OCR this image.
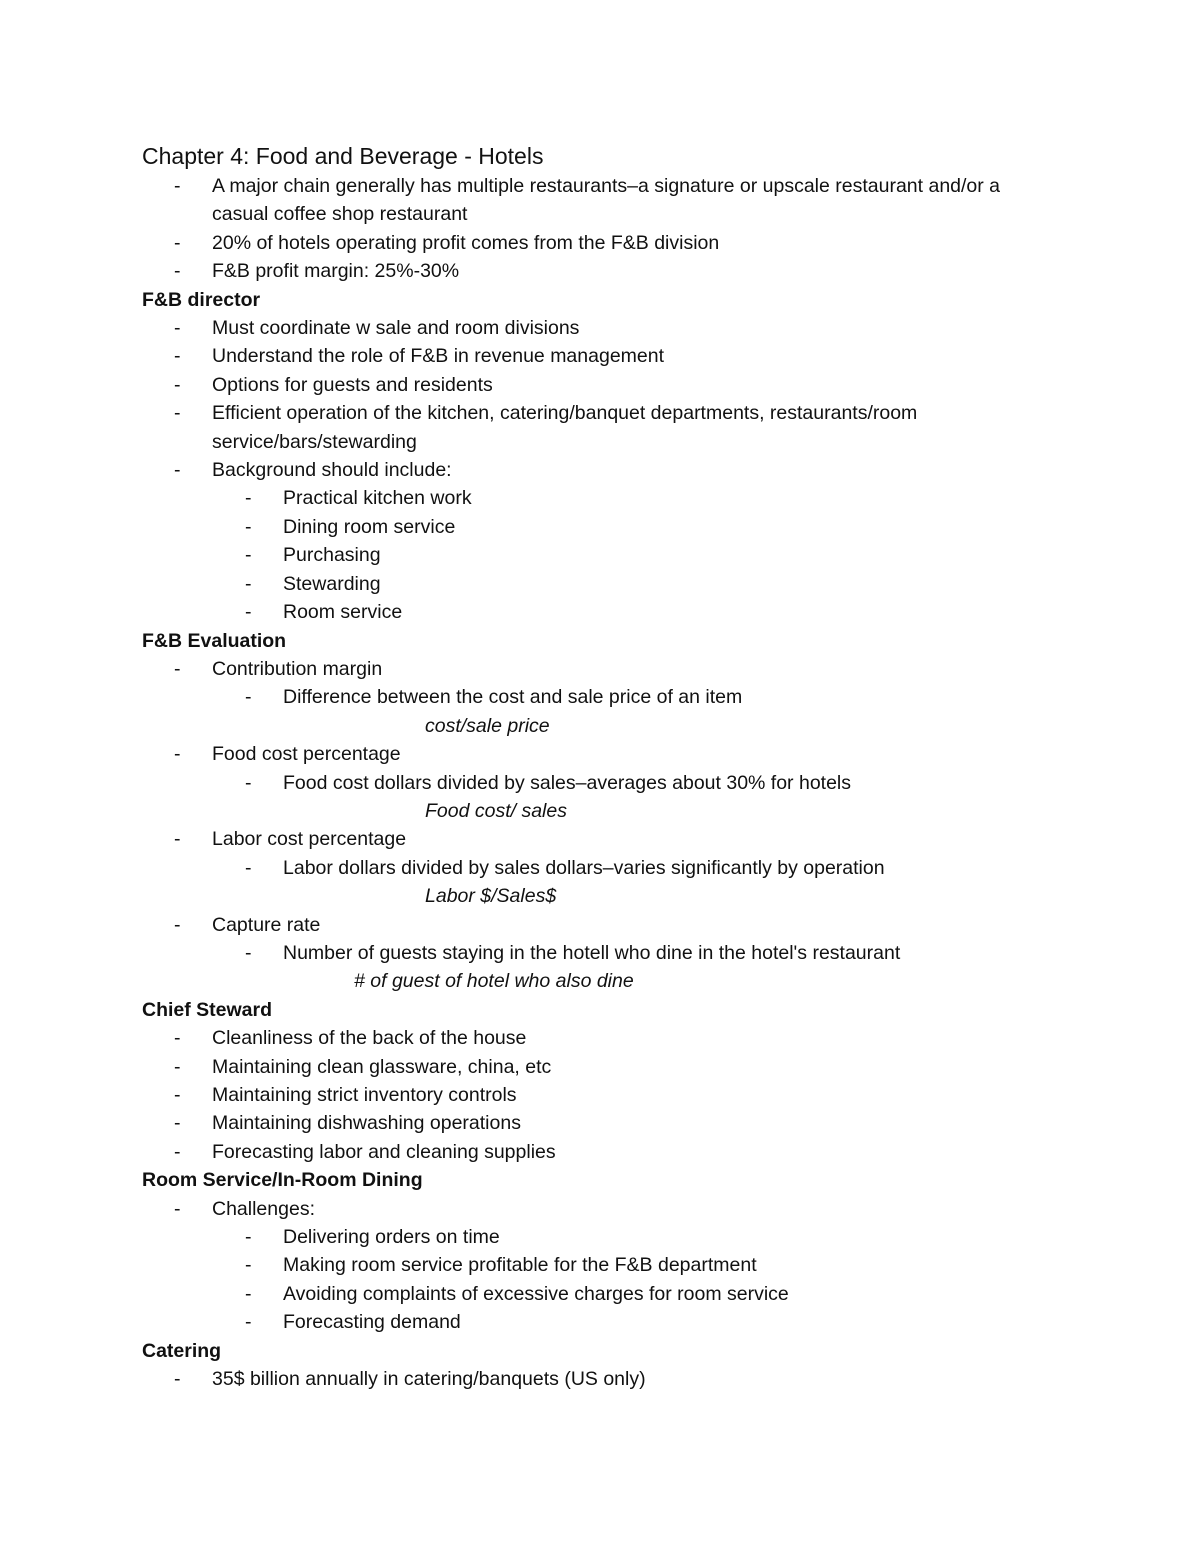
Chapter 4: Food and Beverage - Hotels
- A major chain generally has multiple restaurants–a signature or upscale restaurant and/or a casual coffee shop restaurant
- 20% of hotels operating profit comes from the F&B division
- F&B profit margin: 25%-30%
F&B director
- Must coordinate w sale and room divisions
- Understand the role of F&B in revenue management
- Options for guests and residents
- Efficient operation of the kitchen, catering/banquet departments, restaurants/room service/bars/stewarding
- Background should include:
- Practical kitchen work
- Dining room service
- Purchasing
- Stewarding
- Room service
F&B Evaluation
- Contribution margin
- Difference between the cost and sale price of an item
cost/sale price
- Food cost percentage
- Food cost dollars divided by sales–averages about 30% for hotels
Food cost/ sales
- Labor cost percentage
- Labor dollars divided by sales dollars–varies significantly by operation
Labor $/Sales$
- Capture rate
- Number of guests staying in the hotell who dine in the hotel's restaurant
# of guest of hotel who also dine
Chief Steward
- Cleanliness of the back of the house
- Maintaining clean glassware, china, etc
- Maintaining strict inventory controls
- Maintaining dishwashing operations
- Forecasting labor and cleaning supplies
Room Service/In-Room Dining
- Challenges:
- Delivering orders on time
- Making room service profitable for the F&B department
- Avoiding complaints of excessive charges for room service
- Forecasting demand
Catering
- 35$ billion annually in catering/banquets (US only)
